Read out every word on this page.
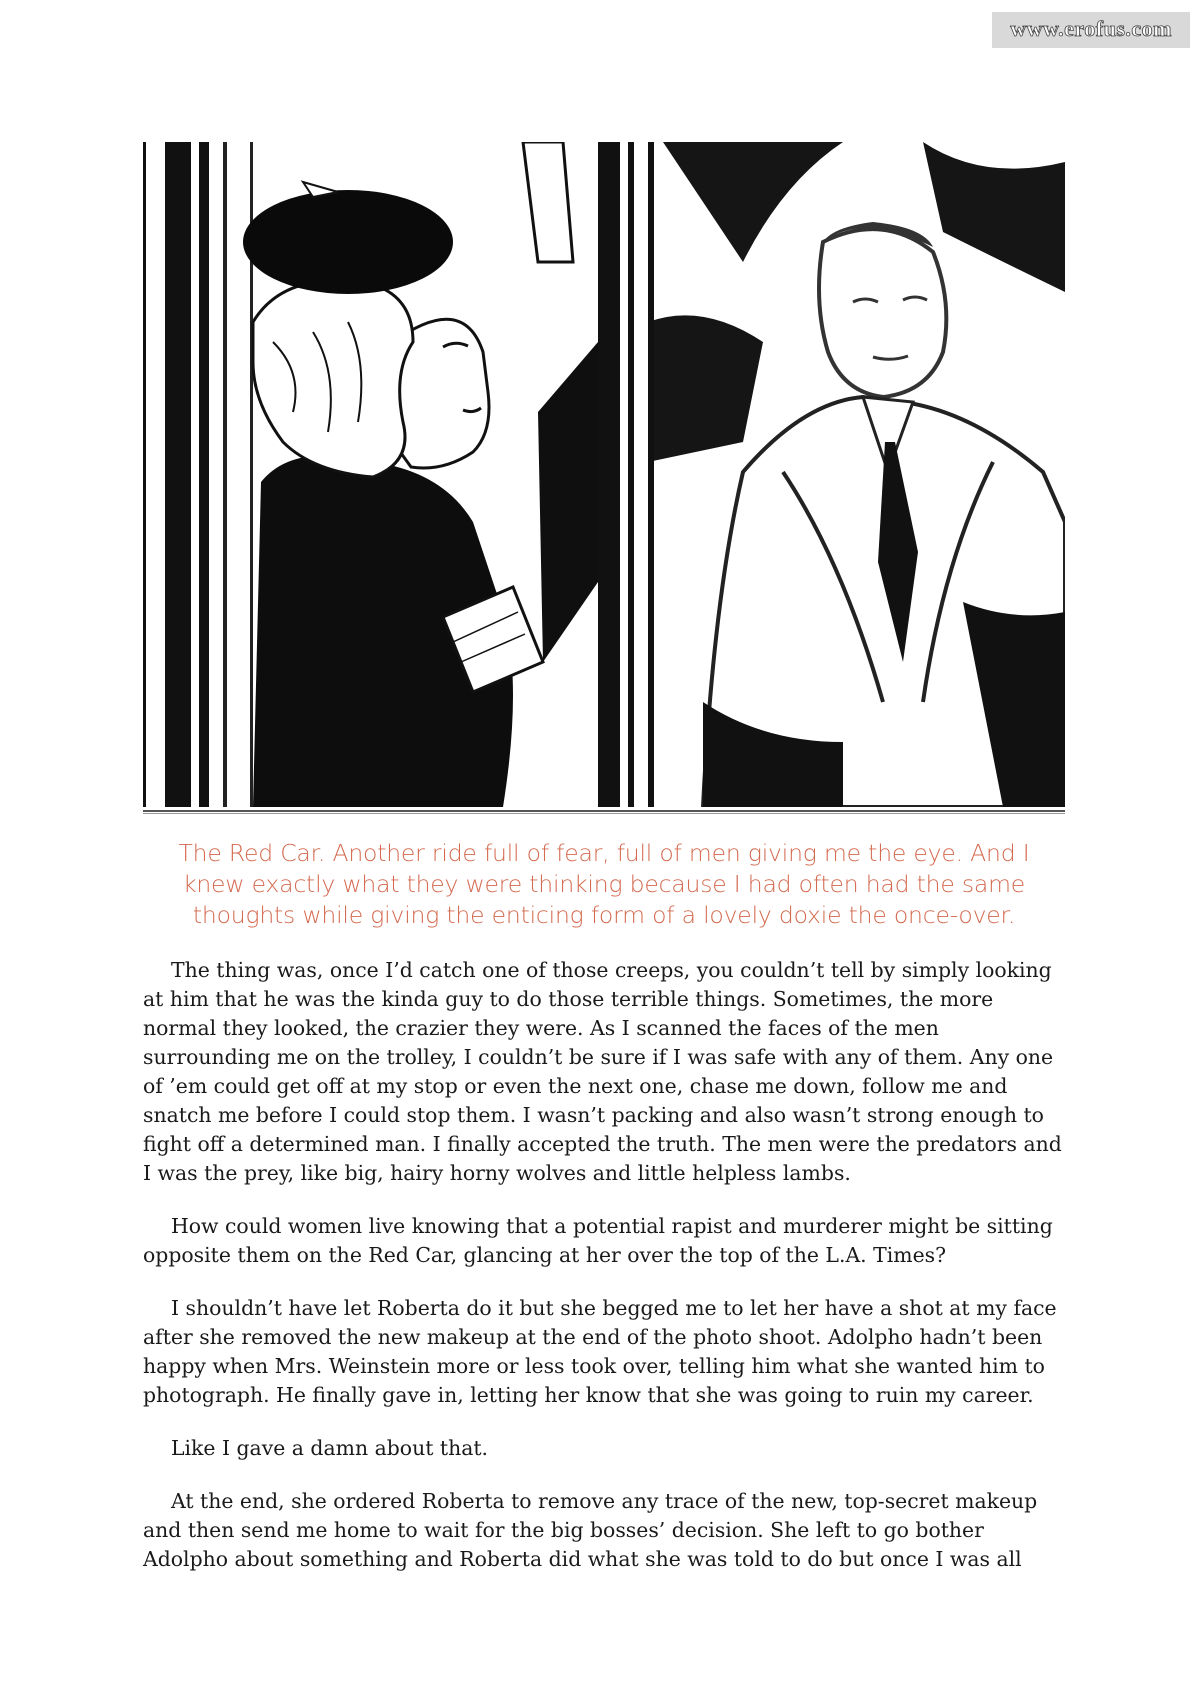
www.erofus.com
The Red Car. Another ride full of fear, full of men giving me the eye. And I knew exactly what they were thinking because I had often had the same thoughts while giving the enticing form of a lovely doxie the once-over.

The thing was, once I’d catch one of those creeps, you couldn’t tell by simply looking at him that he was the kinda guy to do those terrible things. Sometimes, the more normal they looked, the crazier they were. As I scanned the faces of the men surrounding me on the trolley, I couldn’t be sure if I was safe with any of them. Any one of ’em could get off at my stop or even the next one, chase me down, follow me and snatch me before I could stop them. I wasn’t packing and also wasn’t strong enough to fight off a determined man. I finally accepted the truth. The men were the predators and I was the prey, like big, hairy horny wolves and little helpless lambs.

How could women live knowing that a potential rapist and murderer might be sitting opposite them on the Red Car, glancing at her over the top of the L.A. Times?

I shouldn’t have let Roberta do it but she begged me to let her have a shot at my face after she removed the new makeup at the end of the photo shoot. Adolpho hadn’t been happy when Mrs. Weinstein more or less took over, telling him what she wanted him to photograph. He finally gave in, letting her know that she was going to ruin my career.

Like I gave a damn about that.

At the end, she ordered Roberta to remove any trace of the new, top-secret makeup and then send me home to wait for the big bosses’ decision. She left to go bother Adolpho about something and Roberta did what she was told to do but once I was all
